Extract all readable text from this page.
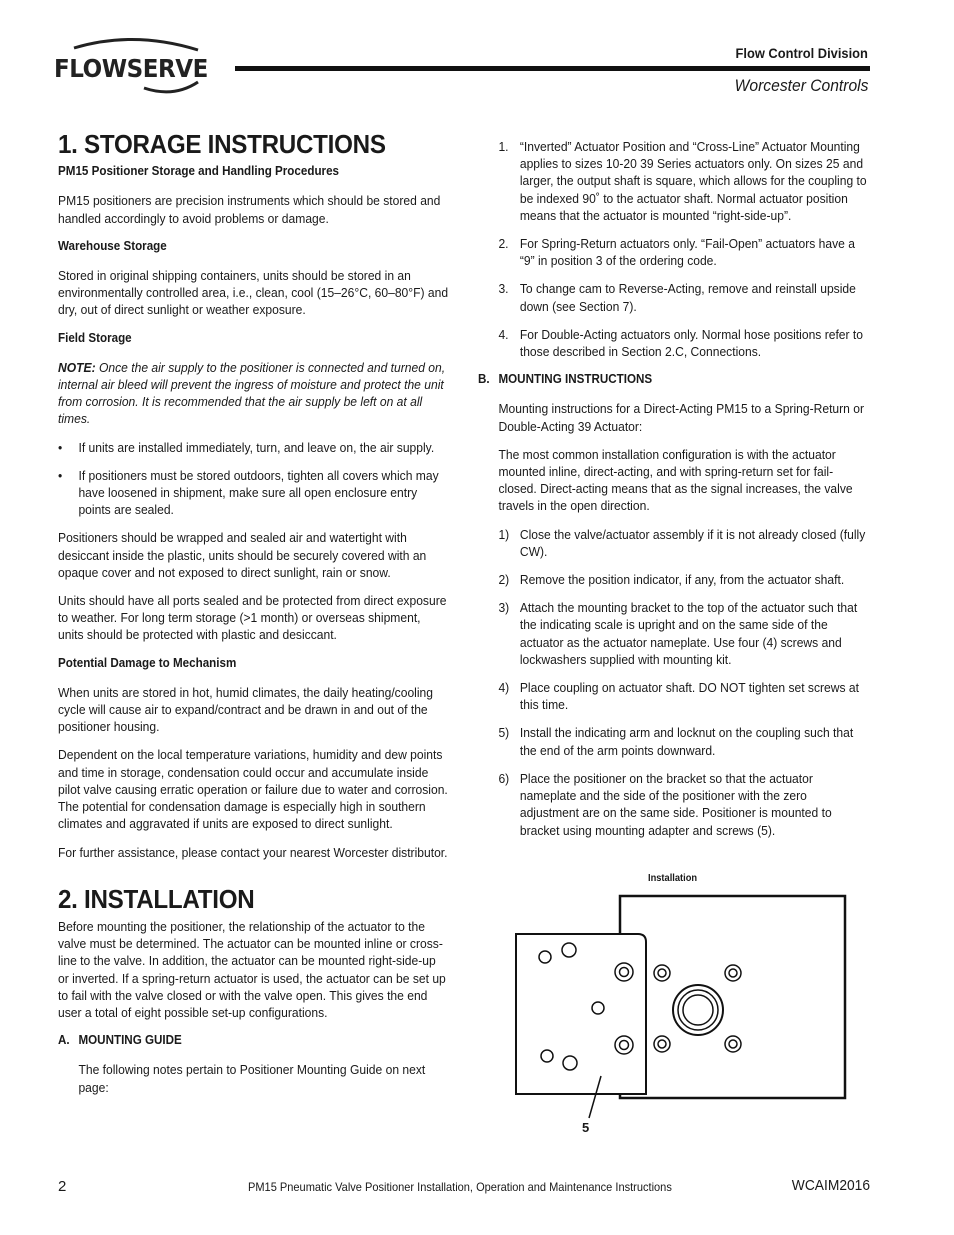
FLOWSERVE
Flow Control Division
Worcester Controls
1. STORAGE INSTRUCTIONS
PM15 Positioner Storage and Handling Procedures

PM15 positioners are precision instruments which should be stored and handled accordingly to avoid problems or damage.

Warehouse Storage

Stored in original shipping containers, units should be stored in an environmentally controlled area, i.e., clean, cool (15–26°C, 60–80°F) and dry, out of direct sunlight or weather exposure.

Field Storage

NOTE: Once the air supply to the positioner is connected and turned on, internal air bleed will prevent the ingress of moisture and protect the unit from corrosion. It is recommended that the air supply be left on at all times.

• If units are installed immediately, turn, and leave on, the air supply.
• If positioners must be stored outdoors, tighten all covers which may have loosened in shipment, make sure all open enclosure entry points are sealed.

Positioners should be wrapped and sealed air and watertight with desiccant inside the plastic, units should be securely covered with an opaque cover and not exposed to direct sunlight, rain or snow.

Units should have all ports sealed and be protected from direct exposure to weather. For long term storage (>1 month) or overseas shipment, units should be protected with plastic and desiccant.

Potential Damage to Mechanism

When units are stored in hot, humid climates, the daily heating/cooling cycle will cause air to expand/contract and be drawn in and out of the positioner housing.

Dependent on the local temperature variations, humidity and dew points and time in storage, condensation could occur and accumulate inside pilot valve causing erratic operation or failure due to water and corrosion. The potential for condensation damage is especially high in southern climates and aggravated if units are exposed to direct sunlight.

For further assistance, please contact your nearest Worcester distributor.

2. INSTALLATION

Before mounting the positioner, the relationship of the actuator to the valve must be determined. The actuator can be mounted inline or cross-line to the valve. In addition, the actuator can be mounted right-side-up or inverted. If a spring-return actuator is used, the actuator can be set up to fail with the valve closed or with the valve open. This gives the end user a total of eight possible set-up configurations.

A. MOUNTING GUIDE

The following notes pertain to Positioner Mounting Guide on next page:

1. “Inverted” Actuator Position and “Cross-Line” Actuator Mounting applies to sizes 10-20 39 Series actuators only. On sizes 25 and larger, the output shaft is square, which allows for the coupling to be indexed 90˚ to the actuator shaft. Normal actuator position means that the actuator is mounted “right-side-up”.
2. For Spring-Return actuators only. “Fail-Open” actuators have a “9” in position 3 of the ordering code.
3. To change cam to Reverse-Acting, remove and reinstall upside down (see Section 7).
4. For Double-Acting actuators only. Normal hose positions refer to those described in Section 2.C, Connections.
B. MOUNTING INSTRUCTIONS

Mounting instructions for a Direct-Acting PM15 to a Spring-Return or Double-Acting 39 Actuator:

The most common installation configuration is with the actuator mounted inline, direct-acting, and with spring-return set for fail-closed. Direct-acting means that as the signal increases, the valve travels in the open direction.

1) Close the valve/actuator assembly if it is not already closed (fully CW).
2) Remove the position indicator, if any, from the actuator shaft.
3) Attach the mounting bracket to the top of the actuator such that the indicating scale is upright and on the same side of the actuator as the actuator nameplate. Use four (4) screws and lockwashers supplied with mounting kit.
4) Place coupling on actuator shaft. DO NOT tighten set screws at this time.
5) Install the indicating arm and locknut on the coupling such that the end of the arm points downward.
6) Place the positioner on the bracket so that the actuator nameplate and the side of the positioner with the zero adjustment are on the same side. Positioner is mounted to bracket using mounting adapter and screws (5).
Installation
5
2	PM15 Pneumatic Valve Positioner Installation, Operation and Maintenance Instructions	WCAIM2016
